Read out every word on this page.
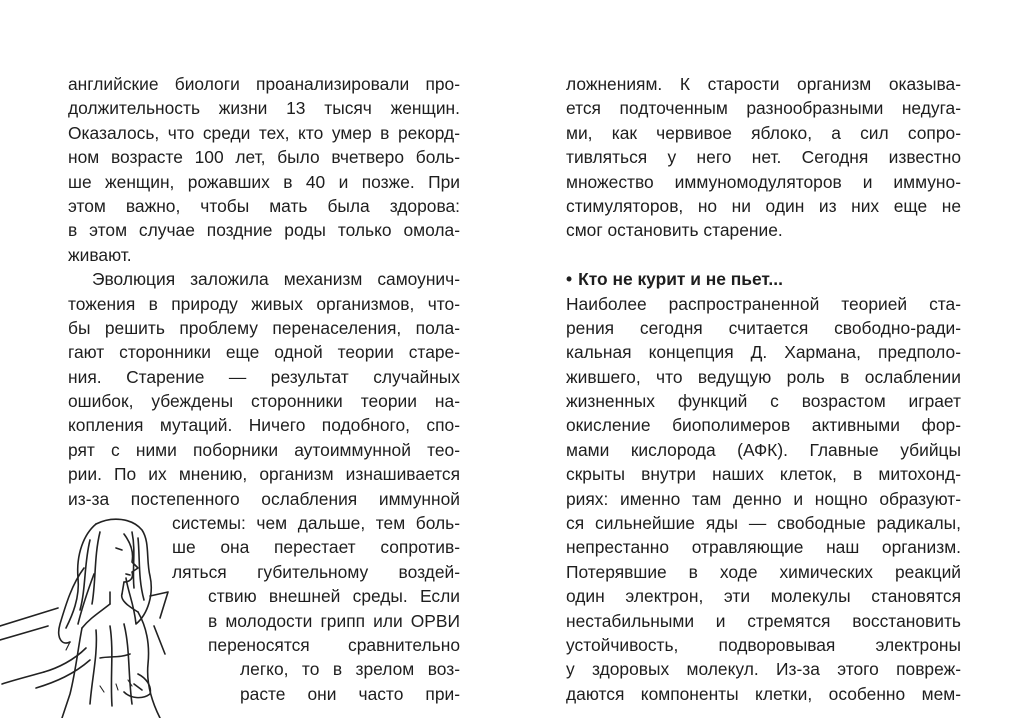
английские биологи проанализировали про-
должительность жизни 13 тысяч женщин.
Оказалось, что среди тех, кто умер в рекорд-
ном возрасте 100 лет, было вчетверо боль-
ше женщин, рожавших в 40 и позже. При
этом важно, чтобы мать была здорова:
в этом случае поздние роды только омола-
живают.
Эволюция заложила механизм самоунич-
тожения в природу живых организмов, что-
бы решить проблему перенаселения, пола-
гают сторонники еще одной теории старе-
ния. Старение — результат случайных
ошибок, убеждены сторонники теории на-
копления мутаций. Ничего подобного, спо-
рят с ними поборники аутоиммунной тео-
рии. По их мнению, организм изнашивается
из-за постепенного ослабления иммунной
системы: чем дальше, тем боль-
ше она перестает сопротив-
ляться губительному воздей-
ствию внешней среды. Если
в молодости грипп или ОРВИ
переносятся сравнительно
легко, то в зрелом воз-
расте они часто при-
ложнениям. К старости организм оказыва-
ется подточенным разнообразными недуга-
ми, как червивое яблоко, а сил сопро-
тивляться у него нет. Сегодня известно
множество иммуномодуляторов и иммуно-
стимуляторов, но ни один из них еще не
смог остановить старение.
• Кто не курит и не пьет...
Наиболее распространенной теорией ста-
рения сегодня считается свободно-ради-
кальная концепция Д. Хармана, предполо-
жившего, что ведущую роль в ослаблении
жизненных функций с возрастом играет
окисление биополимеров активными фор-
мами кислорода (АФК). Главные убийцы
скрыты внутри наших клеток, в митохонд-
риях: именно там денно и нощно образуют-
ся сильнейшие яды — свободные радикалы,
непрестанно отравляющие наш организм.
Потерявшие в ходе химических реакций
один электрон, эти молекулы становятся
нестабильными и стремятся восстановить
устойчивость, подворовывая электроны
у здоровых молекул. Из-за этого повреж-
даются компоненты клетки, особенно мем-
